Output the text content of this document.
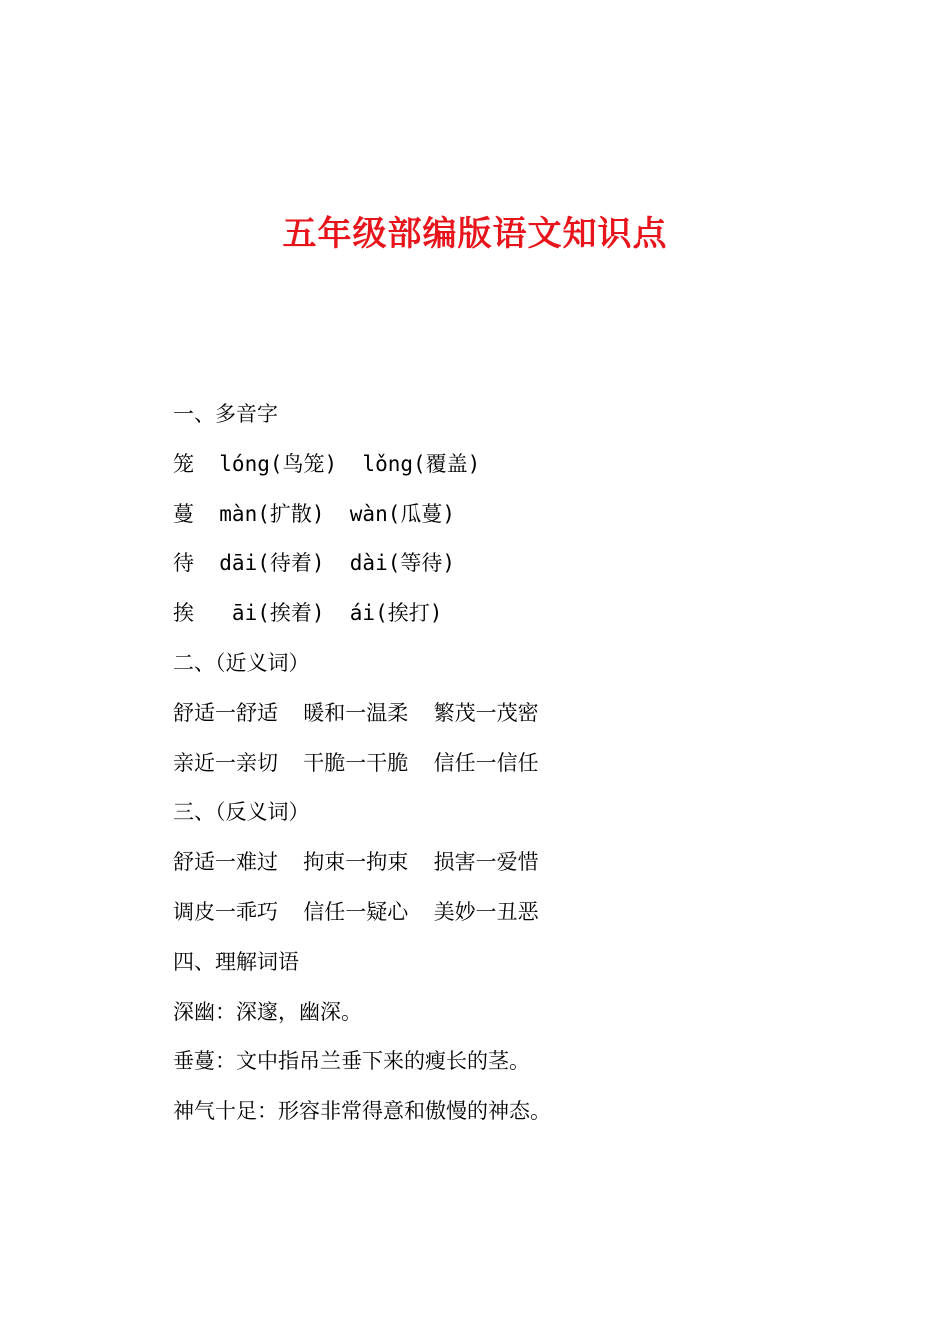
五年级部编版语文知识点
一、多音字
笼  lóng(鸟笼)  lǒng(覆盖)
蔓  màn(扩散)  wàn(瓜蔓)
待  dāi(待着)  dài(等待)
挨   āi(挨着)  ái(挨打)
二、（近义词）
舒适一舒适  暖和一温柔  繁茂一茂密
亲近一亲切  干脆一干脆  信任一信任
三、（反义词）
舒适一难过  拘束一拘束  损害一爱惜
调皮一乖巧  信任一疑心  美妙一丑恶
四、理解词语
深幽：深邃，幽深。
垂蔓：文中指吊兰垂下来的瘦长的茎。
神气十足：形容非常得意和傲慢的神态。
